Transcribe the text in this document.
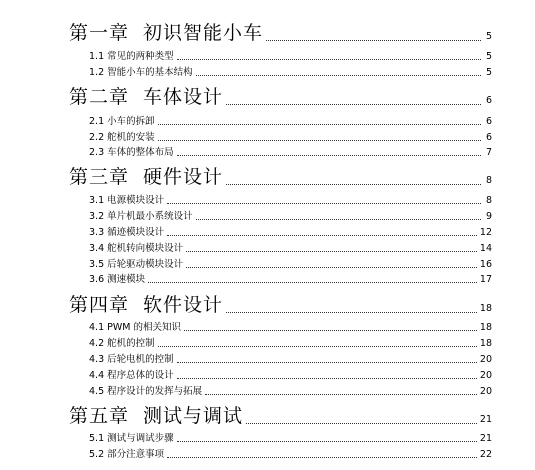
第一章 初识智能小车	5
1.1 常见的两种类型	5
1.2 智能小车的基本结构	5
第二章 车体设计	6
2.1 小车的拆卸	6
2.2 舵机的安装	6
2.3 车体的整体布局	7
第三章 硬件设计	8
3.1 电源模块设计	8
3.2 单片机最小系统设计	9
3.3 循迹模块设计	12
3.4 舵机转向模块设计	14
3.5 后轮驱动模块设计	16
3.6 测速模块	17
第四章 软件设计	18
4.1 PWM 的相关知识	18
4.2 舵机的控制	18
4.3 后轮电机的控制	20
4.4 程序总体的设计	20
4.5 程序设计的发挥与拓展	20
第五章 测试与调试	21
5.1 测试与调试步骤	21
5.2 部分注意事项	22
